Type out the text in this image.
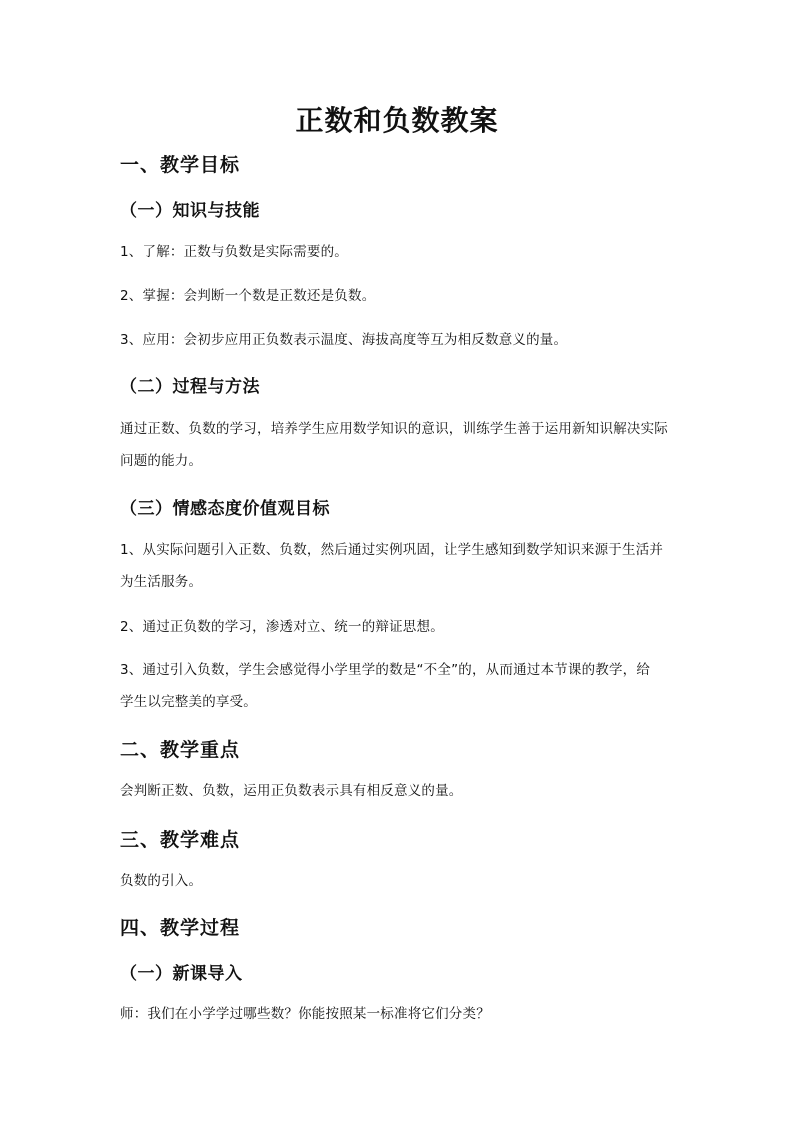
正数和负数教案
一、教学目标
（一）知识与技能
1、了解：正数与负数是实际需要的。
2、掌握：会判断一个数是正数还是负数。
3、应用：会初步应用正负数表示温度、海拔高度等互为相反数意义的量。
（二）过程与方法
通过正数、负数的学习，培养学生应用数学知识的意识，训练学生善于运用新知识解决实际
问题的能力。
（三）情感态度价值观目标
1、从实际问题引入正数、负数，然后通过实例巩固，让学生感知到数学知识来源于生活并
为生活服务。
2、通过正负数的学习，渗透对立、统一的辩证思想。
3、通过引入负数，学生会感觉得小学里学的数是“不全”的，从而通过本节课的教学，给
学生以完整美的享受。
二、教学重点
会判断正数、负数，运用正负数表示具有相反意义的量。
三、教学难点
负数的引入。
四、教学过程
（一）新课导入
师：我们在小学学过哪些数？你能按照某一标准将它们分类？
